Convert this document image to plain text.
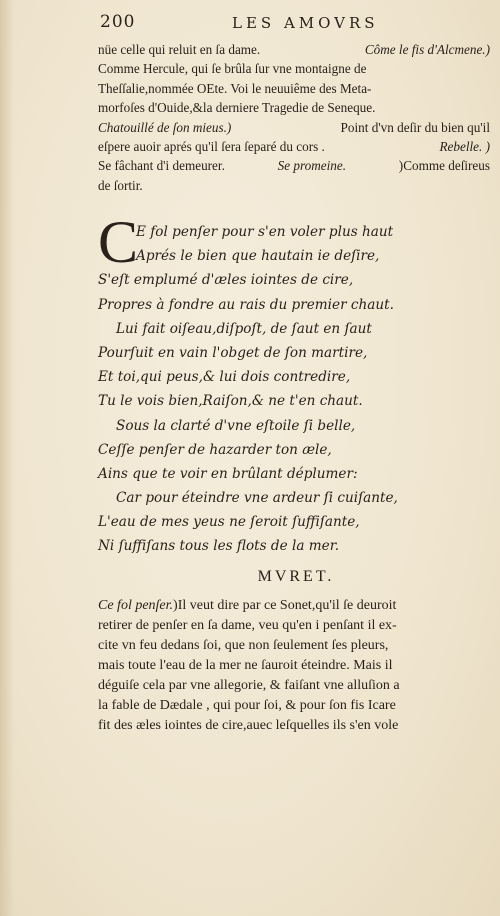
200	LES AMOVRS
nüe celle qui reluit en ſa dame.	Côme le fis d'Alcmene.)
Comme Hercule, qui ſe brûla ſur vne montaigne de
Theſſalie,nommée OEte. Voi le neuuiême des Meta-
morfoſes d'Ouide,&la derniere Tragedie de Seneque.
Chatouillé de ſon mieus.)	Point d'vn deſir du bien qu'il
eſpere auoir aprés qu'il ſera ſeparé du cors .	Rebelle. )
Se fâchant d'i demeurer.	Se promeine.	)Comme deſireus
de ſortir.
C
E fol penſer pour s'en voler plus haut
Aprés le bien que hautain ie deſire,
S'eſt emplumé d'æles iointes de cire,
Propres à fondre au rais du premier chaut.
Lui fait oiſeau,diſpoſt, de ſaut en ſaut
Pourſuit en vain l'obget de ſon martire,
Et toi,qui peus,& lui dois contredire,
Tu le vois bien,Raiſon,& ne t'en chaut.
Sous la clarté d'vne eſtoile ſi belle,
Ceſſe penſer de hazarder ton æle,
Ains que te voir en brûlant déplumer:
Car pour éteindre vne ardeur ſi cuiſante,
L'eau de mes yeus ne ſeroit ſuffiſante,
Ni ſuffiſans tous les flots de la mer.
MVRET.
Ce fol penſer.)Il veut dire par ce Sonet,qu'il ſe deuroit
retirer de penſer en ſa dame, veu qu'en i penſant il ex-
cite vn feu dedans ſoi, que non ſeulement ſes pleurs,
mais toute l'eau de la mer ne ſauroit éteindre. Mais il
déguiſe cela par vne allegorie, & faiſant vne alluſion a
la fable de Dædale , qui pour ſoi, & pour ſon fis Icare
fit des æles iointes de cire,auec leſquelles ils s'en vole
